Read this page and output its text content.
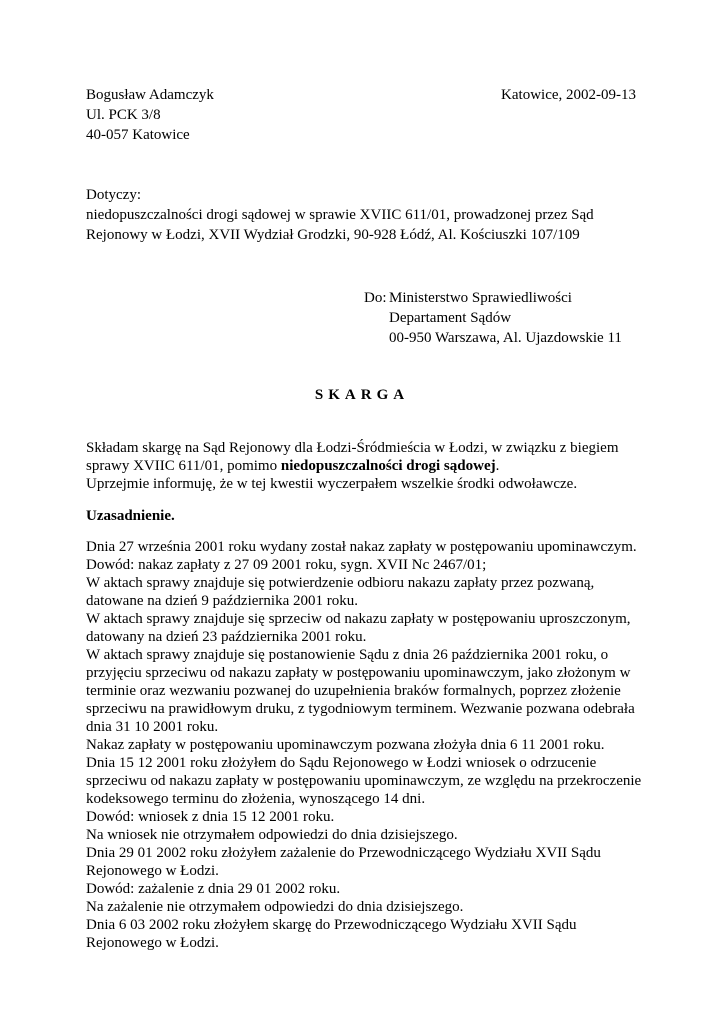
Bogusław Adamczyk
Ul. PCK 3/8
40-057 Katowice
Katowice, 2002-09-13
Dotyczy:
niedopuszczalności drogi sądowej w sprawie XVIIC 611/01, prowadzonej przez Sąd
Rejonowy w Łodzi, XVII Wydział Grodzki, 90-928 Łódź, Al. Kościuszki 107/109
Do: Ministerstwo Sprawiedliwości
Departament Sądów
00-950 Warszawa, Al. Ujazdowskie 11
SKARGA
Składam skargę na Sąd Rejonowy dla Łodzi-Śródmieścia w Łodzi, w związku z biegiem
sprawy XVIIC 611/01, pomimo niedopuszczalności drogi sądowej.
Uprzejmie informuję, że w tej kwestii wyczerpałem wszelkie środki odwoławcze.
Uzasadnienie.
Dnia 27 września 2001 roku wydany został nakaz zapłaty w postępowaniu upominawczym.
Dowód: nakaz zapłaty z 27 09 2001 roku, sygn. XVII Nc 2467/01;
W aktach sprawy znajduje się potwierdzenie odbioru nakazu zapłaty przez pozwaną,
datowane na dzień 9 października 2001 roku.
W aktach sprawy znajduje się sprzeciw od nakazu zapłaty w postępowaniu uproszczonym,
datowany na dzień 23 października 2001 roku.
W aktach sprawy znajduje się postanowienie Sądu z dnia 26 października 2001 roku, o
przyjęciu sprzeciwu od nakazu zapłaty w postępowaniu upominawczym, jako złożonym w
terminie oraz wezwaniu pozwanej do uzupełnienia braków formalnych, poprzez złożenie
sprzeciwu na prawidłowym druku, z tygodniowym terminem. Wezwanie pozwana odebrała
dnia 31 10 2001 roku.
Nakaz zapłaty w postępowaniu upominawczym pozwana złożyła dnia 6 11 2001 roku.
Dnia 15 12 2001 roku złożyłem do Sądu Rejonowego w Łodzi wniosek o odrzucenie
sprzeciwu od nakazu zapłaty w postępowaniu upominawczym, ze względu na przekroczenie
kodeksowego terminu do złożenia, wynoszącego 14 dni.
Dowód: wniosek z dnia 15 12 2001 roku.
Na wniosek nie otrzymałem odpowiedzi do dnia dzisiejszego.
Dnia 29 01 2002 roku złożyłem zażalenie do Przewodniczącego Wydziału XVII Sądu
Rejonowego w Łodzi.
Dowód: zażalenie z dnia 29 01 2002 roku.
Na zażalenie nie otrzymałem odpowiedzi do dnia dzisiejszego.
Dnia 6 03 2002 roku złożyłem skargę do Przewodniczącego Wydziału XVII Sądu
Rejonowego w Łodzi.
